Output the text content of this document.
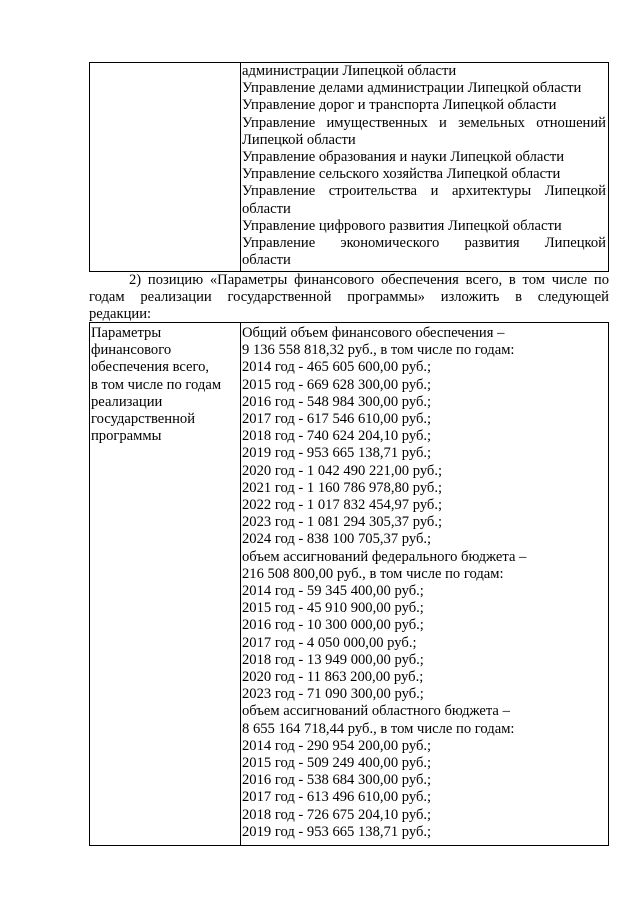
администрации Липецкой области
Управление делами администрации Липецкой области
Управление дорог и транспорта Липецкой области
Управление имущественных и земельных отношений
Липецкой области
Управление образования и науки Липецкой области
Управление сельского хозяйства Липецкой области
Управление строительства и архитектуры Липецкой
области
Управление цифрового развития Липецкой области
Управление экономического развития Липецкой
области
2) позицию «Параметры финансового обеспечения всего, в том числе по
годам реализации государственной программы» изложить в следующей
редакции:
Параметры
финансового
обеспечения всего,
в том числе по годам
реализации
государственной
программы
Общий объем финансового обеспечения –
9 136 558 818,32 руб., в том числе по годам:
2014 год - 465 605 600,00 руб.;
2015 год - 669 628 300,00 руб.;
2016 год - 548 984 300,00 руб.;
2017 год - 617 546 610,00 руб.;
2018 год - 740 624 204,10 руб.;
2019 год - 953 665 138,71 руб.;
2020 год - 1 042 490 221,00 руб.;
2021 год - 1 160 786 978,80 руб.;
2022 год - 1 017 832 454,97 руб.;
2023 год - 1 081 294 305,37 руб.;
2024 год - 838 100 705,37 руб.;
объем ассигнований федерального бюджета –
216 508 800,00 руб., в том числе по годам:
2014 год - 59 345 400,00 руб.;
2015 год - 45 910 900,00 руб.;
2016 год - 10 300 000,00 руб.;
2017 год - 4 050 000,00 руб.;
2018 год - 13 949 000,00 руб.;
2020 год - 11 863 200,00 руб.;
2023 год - 71 090 300,00 руб.;
объем ассигнований областного бюджета –
8 655 164 718,44 руб., в том числе по годам:
2014 год - 290 954 200,00 руб.;
2015 год - 509 249 400,00 руб.;
2016 год - 538 684 300,00 руб.;
2017 год - 613 496 610,00 руб.;
2018 год - 726 675 204,10 руб.;
2019 год - 953 665 138,71 руб.;
